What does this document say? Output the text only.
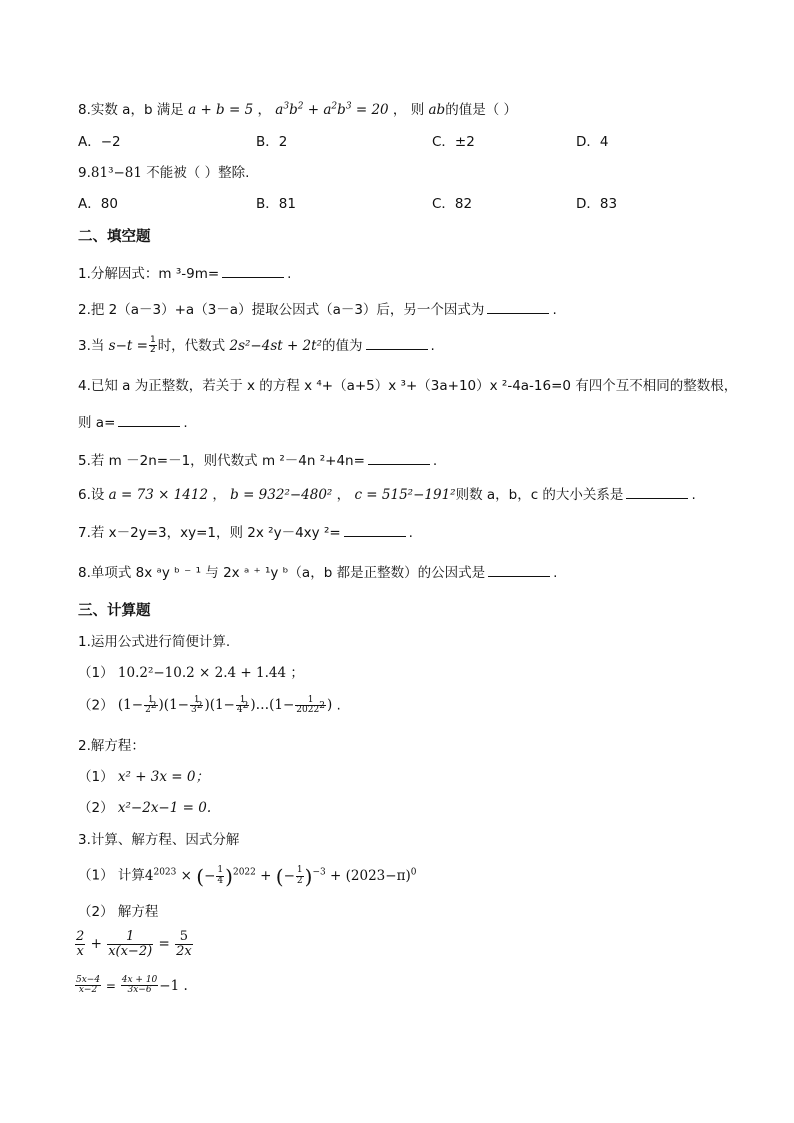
8.实数 a，b 满足 a + b = 5 ， $a^3b^2 + a^2b^3 = 20$ ， 则 ab的值是（ ）
A．−2	B．2	C．±2	D．4
9.81³−81 不能被（ ）整除.
A．80	B．81	C．82	D．83
二、填空题
1.分解因式：m ³-9m=	.
2.把 2（a－3）+a（3－a）提取公因式（a－3）后，另一个因式为	.
3.当 $s-t = \frac{1}{2}$ 时，代数式 2s²−4st + 2t²的值为	.
4.已知 a 为正整数，若关于 x 的方程 x ⁴+（a+5）x ³+（3a+10）x ²-4a-16=0 有四个互不相同的整数根，
则 a=	.
5.若 m －2n=－1，则代数式 m ²－4n ²+4n=	.
6.设 a = 73 × 1412 ， b = 932²−480² ， c = 515²−191²则数 a，b，c 的大小关系是	.
7.若 x－2y=3，xy=1，则 2x ²y－4xy ²=	.
8.单项式 8x ᵃy ᵇ ⁻ ¹ 与 2x ᵃ ⁺ ¹y ᵇ（a，b 都是正整数）的公因式是	.
三、计算题
1.运用公式进行简便计算.
（1） 10.2²−10.2 × 2.4 + 1.44 ；
（2） $(1- \frac{1}{2^2} )(1- \frac{1}{3^2} )(1- \frac{1}{4^2}$ )…(1− $\frac{1}{2022^2}$ ) .
2.解方程：
（1） x² + 3x = 0；
（2） x²−2x−1 = 0.
3.计算、解方程、因式分解
（1） 计算$4^{2023}$ × (− $\frac{1}{4} )^{2022}$ + (− $\frac{1}{2} )^{-3} + (2023-\pi)^0$
（2） 解方程
$\frac{2}{x} + \frac{1}{x(x-2)} = \frac{5}{2x}$
$\frac{5x-4}{x-2} = \frac{4x + 10}{3x-6} -1$ .
